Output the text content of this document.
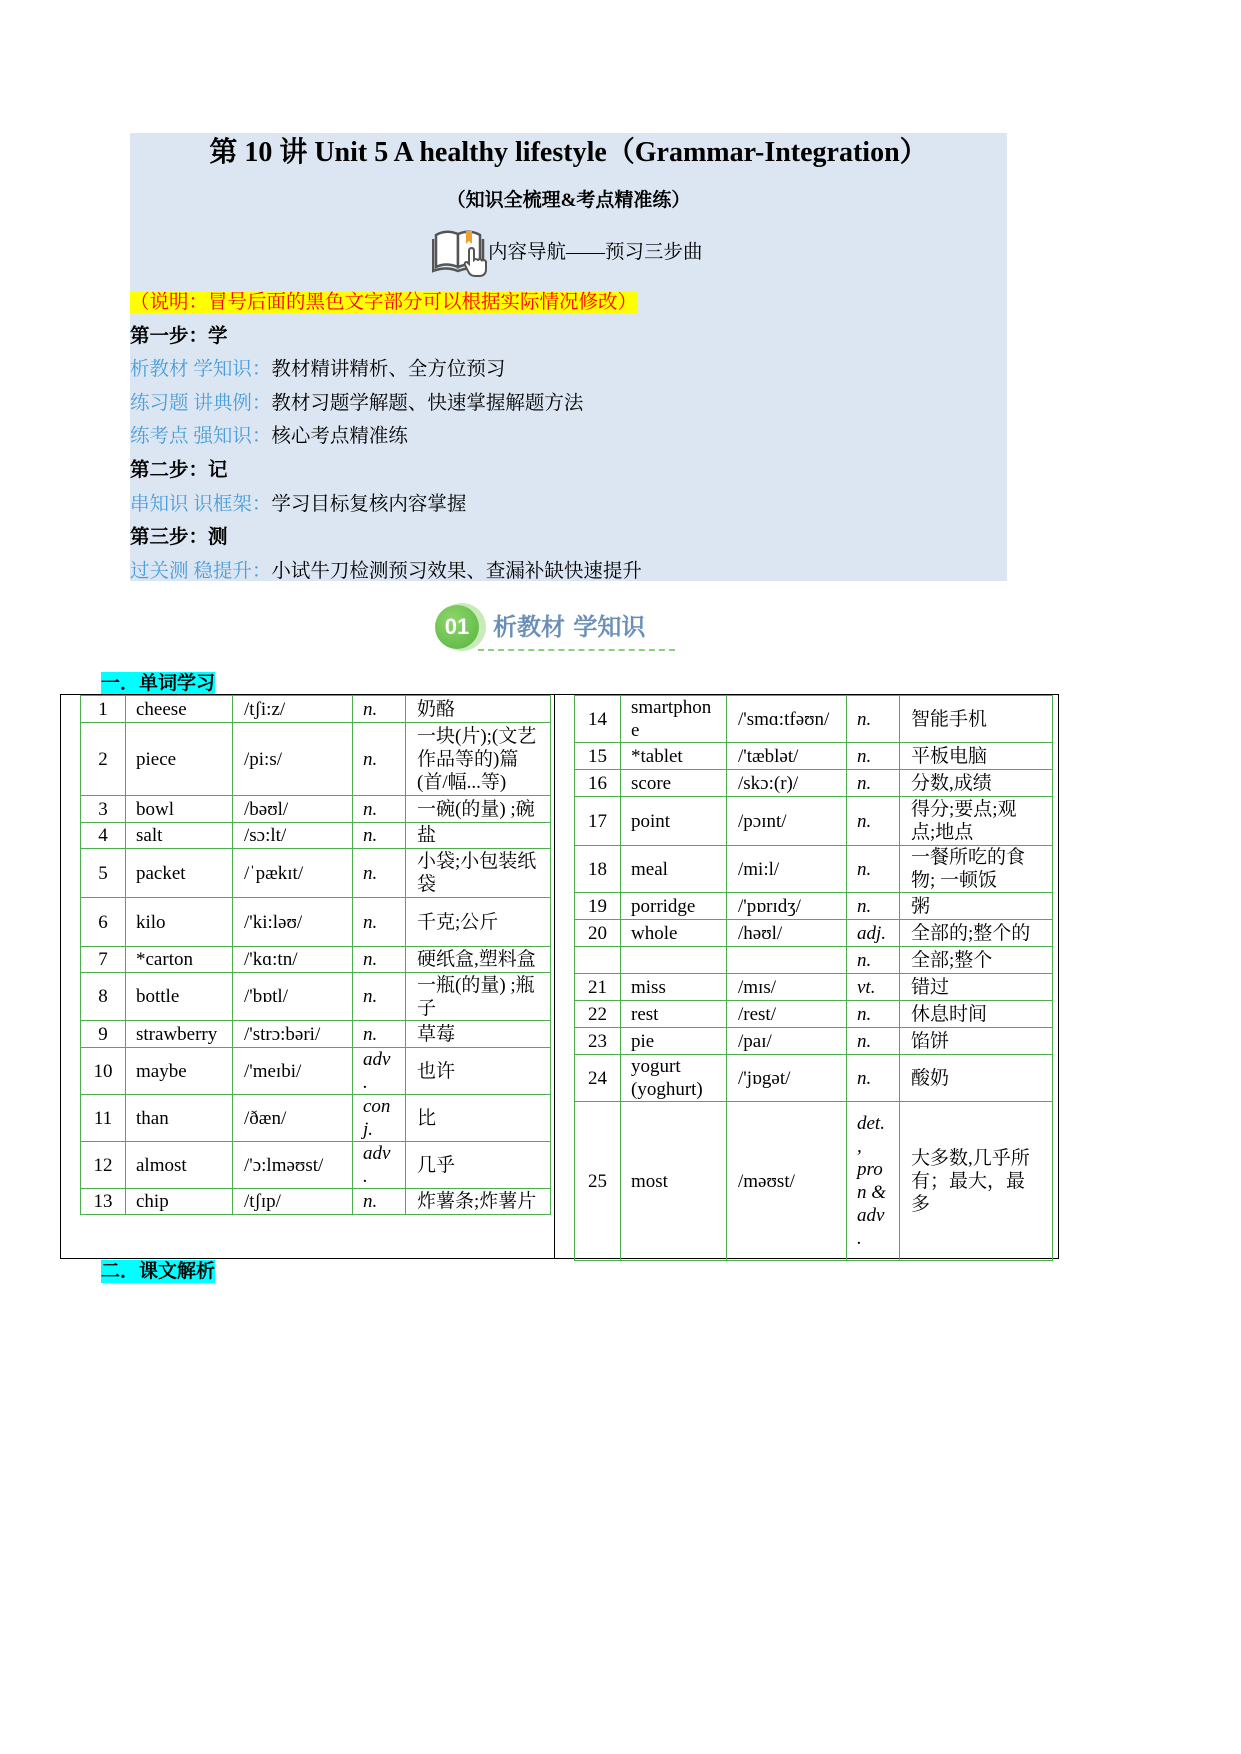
第 10 讲 Unit 5 A healthy lifestyle（Grammar-Integration）
（知识全梳理&考点精准练）
内容导航——预习三步曲
（说明：冒号后面的黑色文字部分可以根据实际情况修改）
第一步：学
析教材 学知识：教材精讲精析、全方位预习
练习题 讲典例：教材习题学解题、快速掌握解题方法
练考点 强知识：核心考点精准练
第二步：记
串知识 识框架：学习目标复核内容掌握
第三步：测
过关测 稳提升：小试牛刀检测预习效果、查漏补缺快速提升
01 析教材 学知识
一．单词学习
1	cheese	/tʃi:z/	n.	奶酪
2	piece	/pi:s/	n.	一块(片);(文艺作品等的)篇(首/幅...等)
3	bowl	/bəʊl/	n.	一碗(的量) ;碗
4	salt	/sɔ:lt/	n.	盐
5	packet	/ˈpækɪt/	n.	小袋;小包装纸袋
6	kilo	/'ki:ləʊ/	n.	千克;公斤
7	*carton	/'kɑ:tn/	n.	硬纸盒,塑料盒
8	bottle	/'bɒtl/	n.	一瓶(的量) ;瓶子
9	strawberry	/'strɔ:bəri/	n.	草莓
10	maybe	/'meɪbi/	adv.	也许
11	than	/ðæn/	conj.	比
12	almost	/'ɔ:lməʊst/	adv.	几乎
13	chip	/tʃɪp/	n.	炸薯条;炸薯片
14	smartphone	/'smɑ:tfəʊn/	n.	智能手机
15	*tablet	/'tæblət/	n.	平板电脑
16	score	/skɔ:(r)/	n.	分数,成绩
17	point	/pɔɪnt/	n.	得分;要点;观点;地点
18	meal	/mi:l/	n.	一餐所吃的食物; 一顿饭
19	porridge	/'pɒrɪdʒ/	n.	粥
20	whole	/həʊl/	adj.	全部的;整个的
			n.	全部;整个
21	miss	/mɪs/	vt.	错过
22	rest	/rest/	n.	休息时间
23	pie	/paɪ/	n.	馅饼
24	yogurt (yoghurt)	/'jɒgət/	n.	酸奶
25	most	/məʊst/	det., pron & adv.	大多数,几乎所有；最大，最多
二．课文解析
